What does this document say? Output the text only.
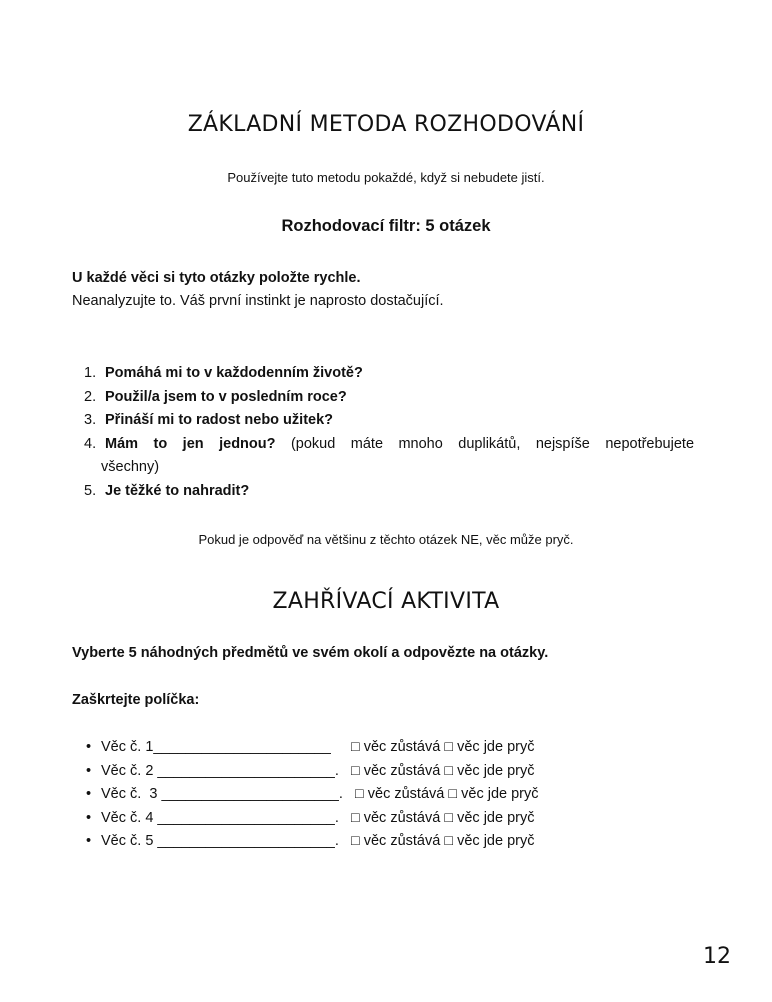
ZÁKLADNÍ METODA ROZHODOVÁNÍ
Používejte tuto metodu pokaždé, když si nebudete jistí.
Rozhodovací filtr: 5 otázek
U každé věci si tyto otázky položte rychle.
Neanalyzujte to. Váš první instinkt je naprosto dostačující.
1. Pomáhá mi to v každodenním životě?
2. Použil/a jsem to v posledním roce?
3. Přináší mi to radost nebo užitek?
4. Mám to jen jednou? (pokud máte mnoho duplikátů, nejspíše nepotřebujete
všechny)
5. Je těžké to nahradit?
Pokud je odpověď na většinu z těchto otázek NE, věc může pryč.
ZAHŘÍVACÍ AKTIVITA
Vyberte 5 náhodných předmětů ve svém okolí a odpovězte na otázky.
Zaškrtejte políčka:
• Věc č. 1______________________     □ věc zůstává □ věc jde pryč
• Věc č. 2 ______________________.   □ věc zůstává □ věc jde pryč
• Věc č.  3 ______________________.   □ věc zůstává □ věc jde pryč
• Věc č. 4 ______________________.   □ věc zůstává □ věc jde pryč
• Věc č. 5 ______________________.   □ věc zůstává □ věc jde pryč
12
